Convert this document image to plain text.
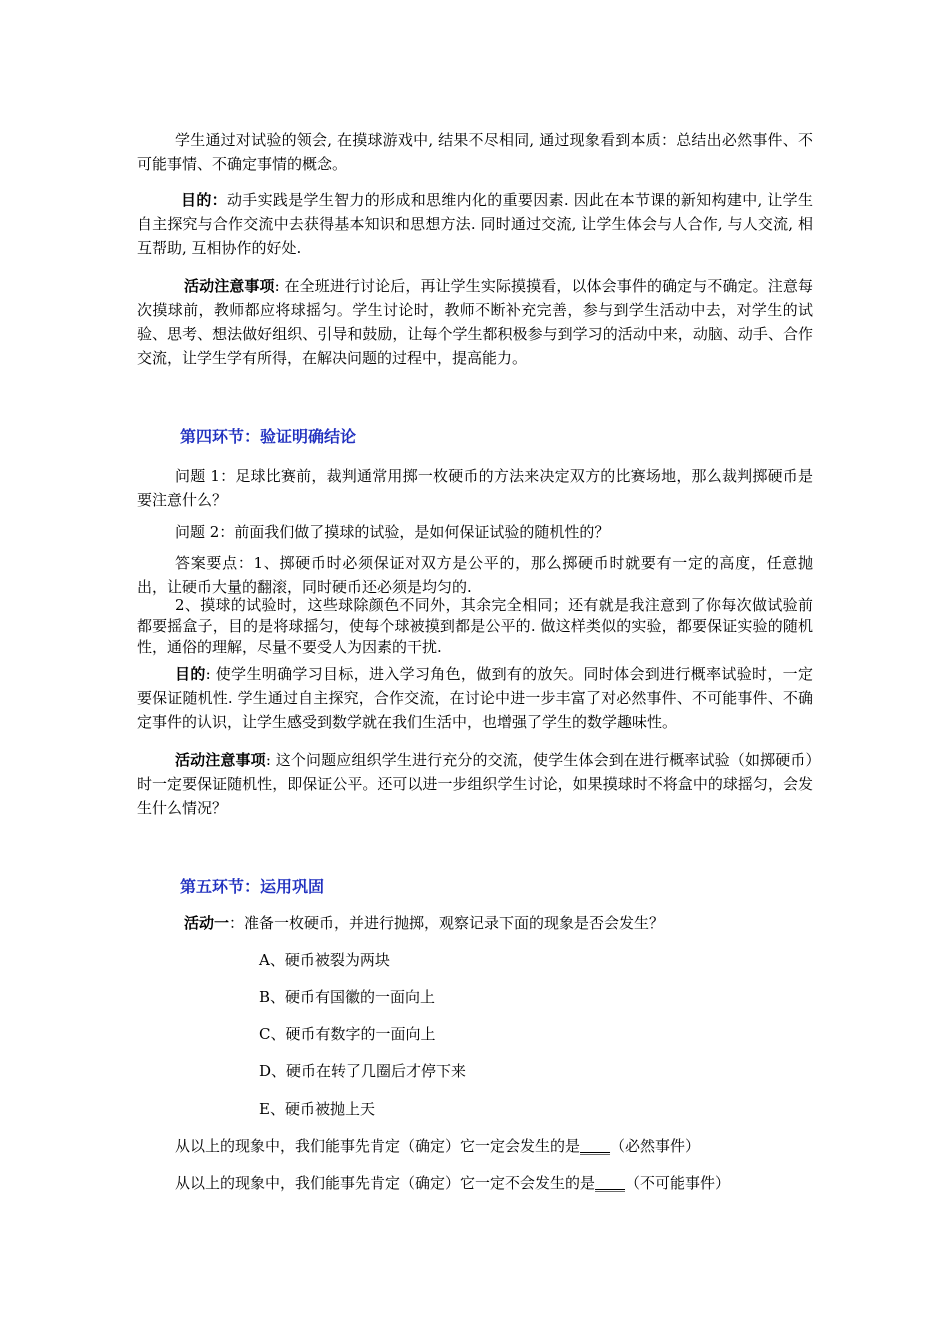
学生通过对试验的领会, 在摸球游戏中, 结果不尽相同, 通过现象看到本质：总结出必然事件、不可能事情、不确定事情的概念。

目的：动手实践是学生智力的形成和思维内化的重要因素. 因此在本节课的新知构建中, 让学生自主探究与合作交流中去获得基本知识和思想方法. 同时通过交流, 让学生体会与人合作, 与人交流, 相互帮助, 互相协作的好处.

活动注意事项: 在全班进行讨论后，再让学生实际摸摸看，以体会事件的确定与不确定。注意每次摸球前，教师都应将球摇匀。学生讨论时，教师不断补充完善，参与到学生活动中去，对学生的试验、思考、想法做好组织、引导和鼓励，让每个学生都积极参与到学习的活动中来，动脑、动手、合作交流，让学生学有所得，在解决问题的过程中，提高能力。

第四环节：验证明确结论

问题 1：足球比赛前，裁判通常用掷一枚硬币的方法来决定双方的比赛场地，那么裁判掷硬币是要注意什么？

问题 2：前面我们做了摸球的试验，是如何保证试验的随机性的？

答案要点：1、掷硬币时必须保证对双方是公平的，那么掷硬币时就要有一定的高度，任意抛出，让硬币大量的翻滚，同时硬币还必须是均匀的.

2、摸球的试验时，这些球除颜色不同外，其余完全相同；还有就是我注意到了你每次做试验前都要摇盒子，目的是将球摇匀，使每个球被摸到都是公平的. 做这样类似的实验，都要保证实验的随机性，通俗的理解，尽量不要受人为因素的干扰.

目的: 使学生明确学习目标，进入学习角色，做到有的放矢。同时体会到进行概率试验时，一定要保证随机性. 学生通过自主探究，合作交流，在讨论中进一步丰富了对必然事件、不可能事件、不确定事件的认识，让学生感受到数学就在我们生活中，也增强了学生的数学趣味性。

活动注意事项: 这个问题应组织学生进行充分的交流，使学生体会到在进行概率试验（如掷硬币）时一定要保证随机性，即保证公平。还可以进一步组织学生讨论，如果摸球时不将盒中的球摇匀，会发生什么情况？

第五环节：运用巩固

活动一：准备一枚硬币，并进行抛掷，观察记录下面的现象是否会发生？

A、硬币被裂为两块

B、硬币有国徽的一面向上

C、硬币有数字的一面向上

D、硬币在转了几圈后才停下来

E、硬币被抛上天

从以上的现象中，我们能事先肯定（确定）它一定会发生的是____（必然事件）

从以上的现象中，我们能事先肯定（确定）它一定不会发生的是____（不可能事件）
